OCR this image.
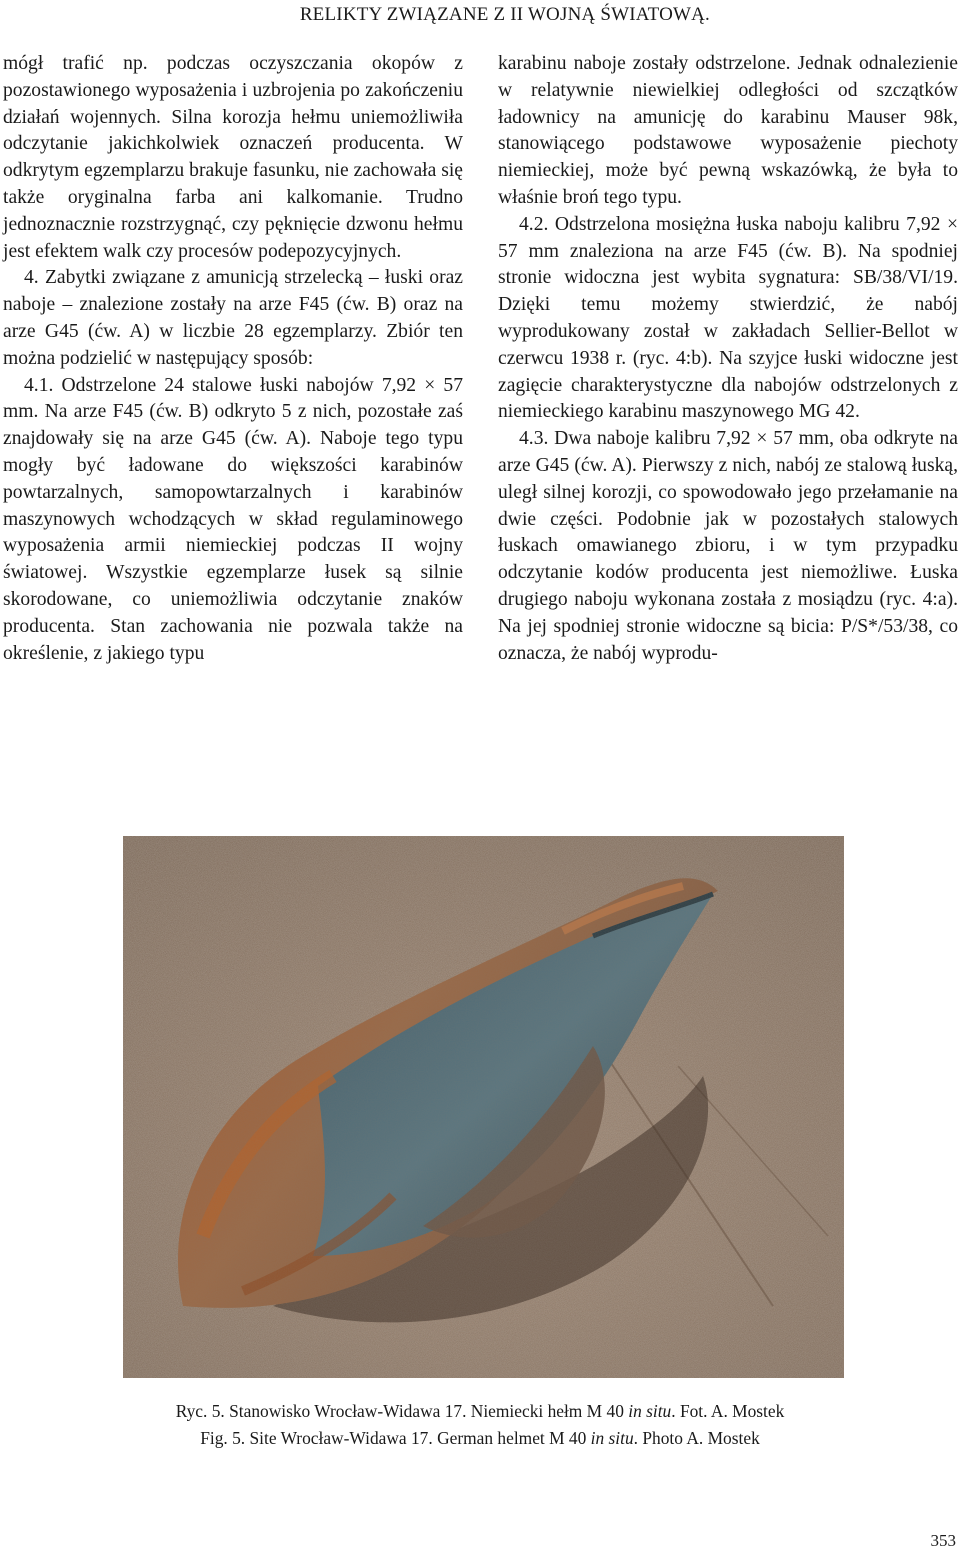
RELIKTY ZWIĄZANE Z II WOJNĄ ŚWIATOWĄ.

mógł trafić np. podczas oczyszczania okopów z pozostawionego wyposażenia i uzbrojenia po zakończeniu działań wojennych. Silna korozja hełmu uniemożliwiła odczytanie jakichkolwiek oznaczeń producenta. W odkrytym egzemplarzu brakuje fasunku, nie zachowała się także oryginalna farba ani kalkomanie. Trudno jednoznacznie rozstrzygnąć, czy pęknięcie dzwonu hełmu jest efektem walk czy procesów podepozycyjnych.

4. Zabytki związane z amunicją strzelecką – łuski oraz naboje – znalezione zostały na arze F45 (ćw. B) oraz na arze G45 (ćw. A) w liczbie 28 egzemplarzy. Zbiór ten można podzielić w następujący sposób:

4.1. Odstrzelone 24 stalowe łuski nabojów 7,92 × 57 mm. Na arze F45 (ćw. B) odkryto 5 z nich, pozostałe zaś znajdowały się na arze G45 (ćw. A). Naboje tego typu mogły być ładowane do większości karabinów powtarzalnych, samopowtarzalnych i karabinów maszynowych wchodzących w skład regulaminowego wyposażenia armii niemieckiej podczas II wojny światowej. Wszystkie egzemplarze łusek są silnie skorodowane, co uniemożliwia odczytanie znaków producenta. Stan zachowania nie pozwala także na określenie, z jakiego typu

karabinu naboje zostały odstrzelone. Jednak odnalezienie w relatywnie niewielkiej odległości od szczątków ładownicy na amunicję do karabinu Mauser 98k, stanowiącego podstawowe wyposażenie piechoty niemieckiej, może być pewną wskazówką, że była to właśnie broń tego typu.

4.2. Odstrzelona mosiężna łuska naboju kalibru 7,92 × 57 mm znaleziona na arze F45 (ćw. B). Na spodniej stronie widoczna jest wybita sygnatura: SB/38/VI/19. Dzięki temu możemy stwierdzić, że nabój wyprodukowany został w zakładach Sellier-Bellot w czerwcu 1938 r. (ryc. 4:b). Na szyjce łuski widoczne jest zagięcie charakterystyczne dla nabojów odstrzelonych z niemieckiego karabinu maszynowego MG 42.

4.3. Dwa naboje kalibru 7,92 × 57 mm, oba odkryte na arze G45 (ćw. A). Pierwszy z nich, nabój ze stalową łuską, uległ silnej korozji, co spowodowało jego przełamanie na dwie części. Podobnie jak w pozostałych stalowych łuskach omawianego zbioru, i w tym przypadku odczytanie kodów producenta jest niemożliwe. Łuska drugiego naboju wykonana została z mosiądzu (ryc. 4:a). Na jej spodniej stronie widoczne są bicia: P/S*/53/38, co oznacza, że nabój wyprodu-

Ryc. 5. Stanowisko Wrocław-Widawa 17. Niemiecki hełm M 40 in situ. Fot. A. Mostek
Fig. 5. Site Wrocław-Widawa 17. German helmet M 40 in situ. Photo A. Mostek
353
